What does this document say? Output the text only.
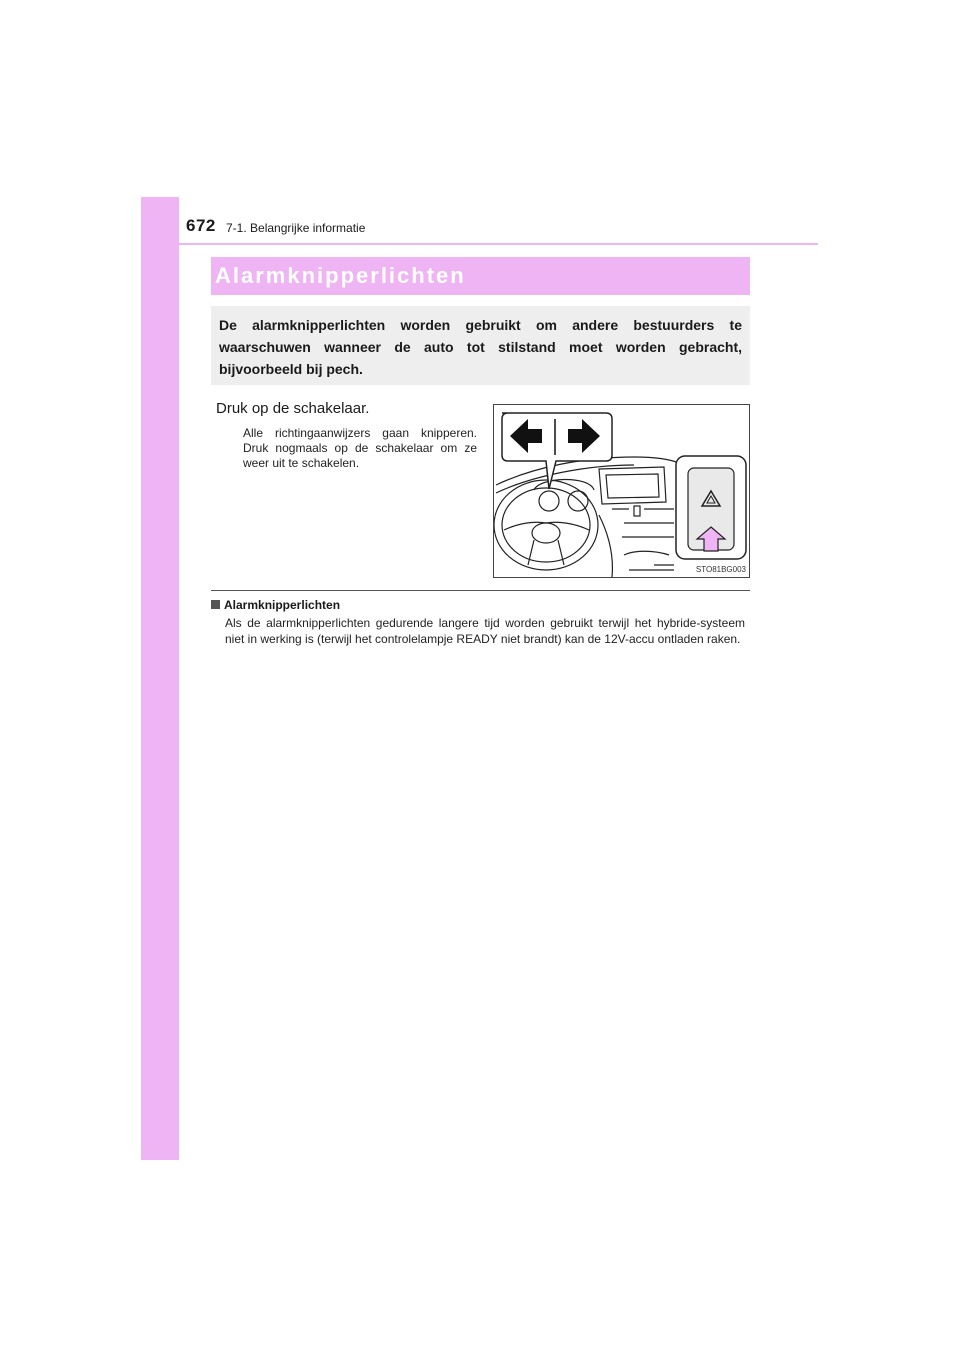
672 7-1. Belangrijke informatie
Alarmknipperlichten
De alarmknipperlichten worden gebruikt om andere bestuurders te waarschuwen wanneer de auto tot stilstand moet worden gebracht, bijvoorbeeld bij pech.
Druk op de schakelaar.
Alle richtingaanwijzers gaan knipperen. Druk nogmaals op de schakelaar om ze weer uit te schakelen.
STO81BG003
Alarmknipperlichten
Als de alarmknipperlichten gedurende langere tijd worden gebruikt terwijl het hybride-systeem niet in werking is (terwijl het controlelampje READY niet brandt) kan de 12V-accu ontladen raken.
